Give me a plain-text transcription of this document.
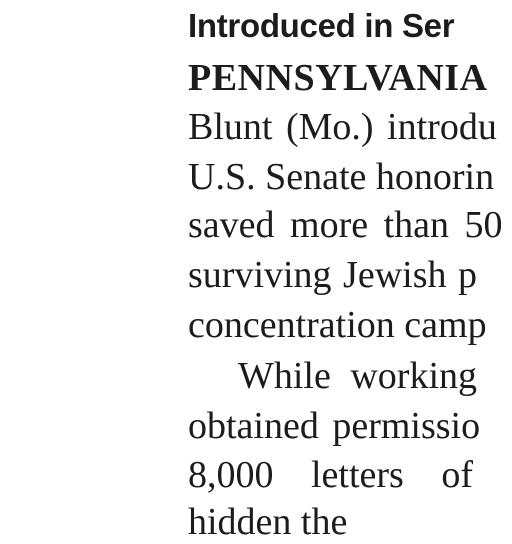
Introduced in Ser
PENNSYLVANIA
Blunt (Mo.) introdu
U.S. Senate honorin
saved more than 50
surviving Jewish p
concentration camp
While working
obtained permissio
8,000 letters of
hidden the
